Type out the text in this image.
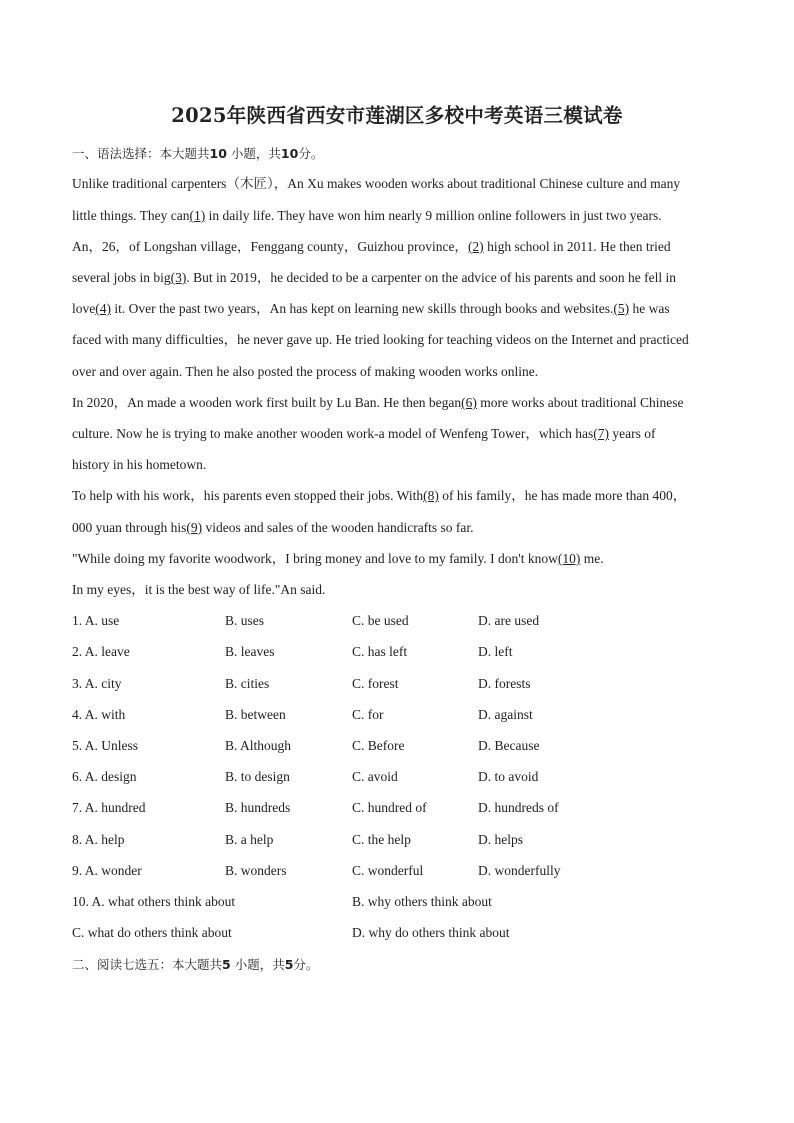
2025年陕西省西安市莲湖区多校中考英语三模试卷
一、语法选择：本大题共10 小题，共10分。
Unlike traditional carpenters（木匠），An Xu makes wooden works about traditional Chinese culture and many
little things. They can(1) in daily life. They have won him nearly 9 million online followers in just two years.
An，26，of Longshan village，Fenggang county，Guizhou province，(2) high school in 2011. He then tried
several jobs in big(3). But in 2019，he decided to be a carpenter on the advice of his parents and soon he fell in
love(4) it. Over the past two years，An has kept on learning new skills through books and websites.(5) he was
faced with many difficulties，he never gave up. He tried looking for teaching videos on the Internet and practiced
over and over again. Then he also posted the process of making wooden works online.
In 2020，An made a wooden work first built by Lu Ban. He then began(6) more works about traditional Chinese
culture. Now he is trying to make another wooden work-a model of Wenfeng Tower，which has(7) years of
history in his hometown.
To help with his work，his parents even stopped their jobs. With(8) of his family，he has made more than 400，
000 yuan through his(9) videos and sales of the wooden handicrafts so far.
"While doing my favorite woodwork，I bring money and love to my family. I don't know(10) me.
In my eyes，it is the best way of life."An said.
1. A. use	B. uses	C. be used	D. are used
2. A. leave	B. leaves	C. has left	D. left
3. A. city	B. cities	C. forest	D. forests
4. A. with	B. between	C. for	D. against
5. A. Unless	B. Although	C. Before	D. Because
6. A. design	B. to design	C. avoid	D. to avoid
7. A. hundred	B. hundreds	C. hundred of	D. hundreds of
8. A. help	B. a help	C. the help	D. helps
9. A. wonder	B. wonders	C. wonderful	D. wonderfully
10. A. what others think about	B. why others think about
C. what do others think about	D. why do others think about
二、阅读七选五：本大题共5 小题，共5分。
